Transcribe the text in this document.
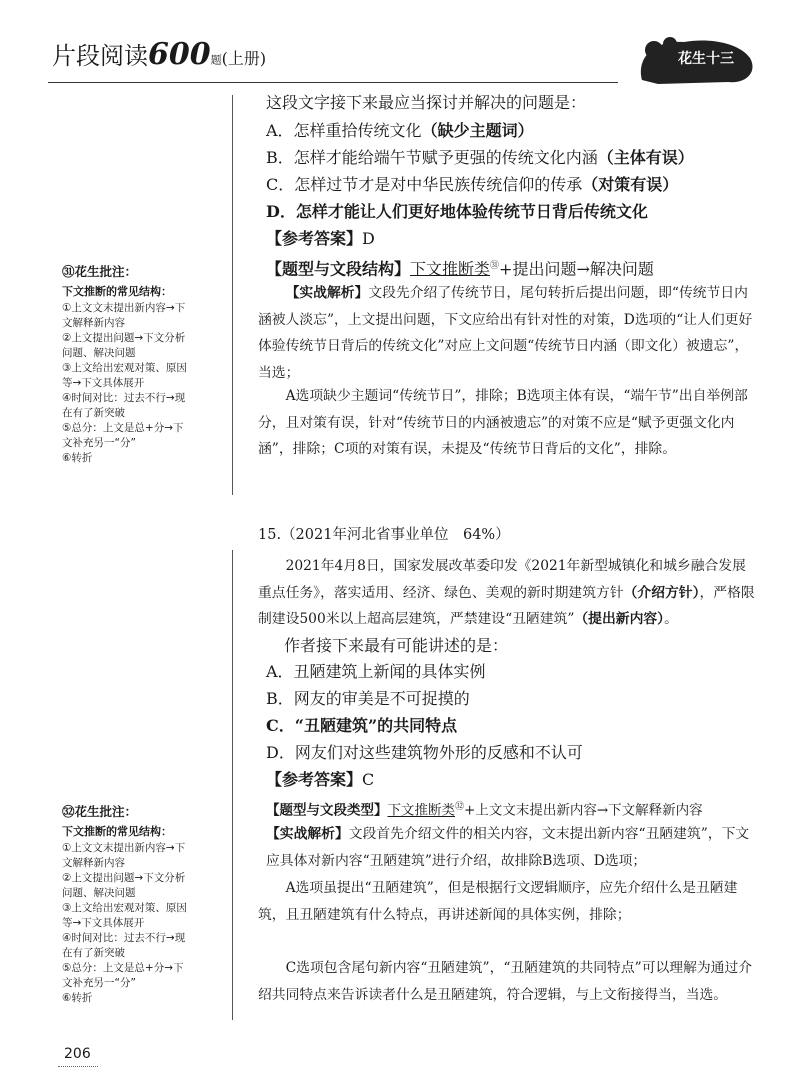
片段阅读600题(上册)	花生十三
㉛花生批注：
下文推断的常见结构：
①上文文末提出新内容→下
文解释新内容
②上文提出问题→下文分析
问题、解决问题
③上文给出宏观对策、原因
等→下文具体展开
④时间对比：过去不行→现
在有了新突破
⑤总分：上文是总+分→下
文补充另一“分”
⑥转折
㉜花生批注：
下文推断的常见结构：
①上文文末提出新内容→下
文解释新内容
②上文提出问题→下文分析
问题、解决问题
③上文给出宏观对策、原因
等→下文具体展开
④时间对比：过去不行→现
在有了新突破
⑤总分：上文是总+分→下
文补充另一“分”
⑥转折
这段文字接下来最应当探讨并解决的问题是：
A．怎样重拾传统文化（缺少主题词）
B．怎样才能给端午节赋予更强的传统文化内涵（主体有误）
C．怎样过节才是对中华民族传统信仰的传承（对策有误）
D．怎样才能让人们更好地体验传统节日背后传统文化
【参考答案】D
【题型与文段结构】下文推断类$^㉛$+提出问题→解决问题
【实战解析】文段先介绍了传统节日，尾句转折后提出问题，即“传统节日内涵被人淡忘”，上文提出问题，下文应给出有针对性的对策，D选项的“让人们更好体验传统节日背后的传统文化”对应上文问题“传统节日内涵（即文化）被遗忘”，当选；
A选项缺少主题词“传统节日”，排除；B选项主体有误，“端午节”出自举例部分，且对策有误，针对“传统节日的内涵被遗忘”的对策不应是“赋予更强文化内涵”，排除；C项的对策有误，未提及“传统节日背后的文化”，排除。
15.（2021年河北省事业单位　64%）
2021年4月8日，国家发展改革委印发《2021年新型城镇化和城乡融合发展重点任务》，落实适用、经济、绿色、美观的新时期建筑方针（介绍方针），严格限制建设500米以上超高层建筑，严禁建设“丑陋建筑”（提出新内容）。
作者接下来最有可能讲述的是：
A．丑陋建筑上新闻的具体实例
B．网友的审美是不可捉摸的
C．“丑陋建筑”的共同特点
D．网友们对这些建筑物外形的反感和不认可
【参考答案】C
【题型与文段类型】下文推断类$^㉜$+上文文末提出新内容→下文解释新内容
【实战解析】文段首先介绍文件的相关内容，文末提出新内容“丑陋建筑”，下文应具体对新内容“丑陋建筑”进行介绍，故排除B选项、D选项；
A选项虽提出“丑陋建筑”，但是根据行文逻辑顺序，应先介绍什么是丑陋建筑，且丑陋建筑有什么特点，再讲述新闻的具体实例，排除；
C选项包含尾句新内容“丑陋建筑”，“丑陋建筑的共同特点”可以理解为通过介绍共同特点来告诉读者什么是丑陋建筑，符合逻辑，与上文衔接得当，当选。
206
